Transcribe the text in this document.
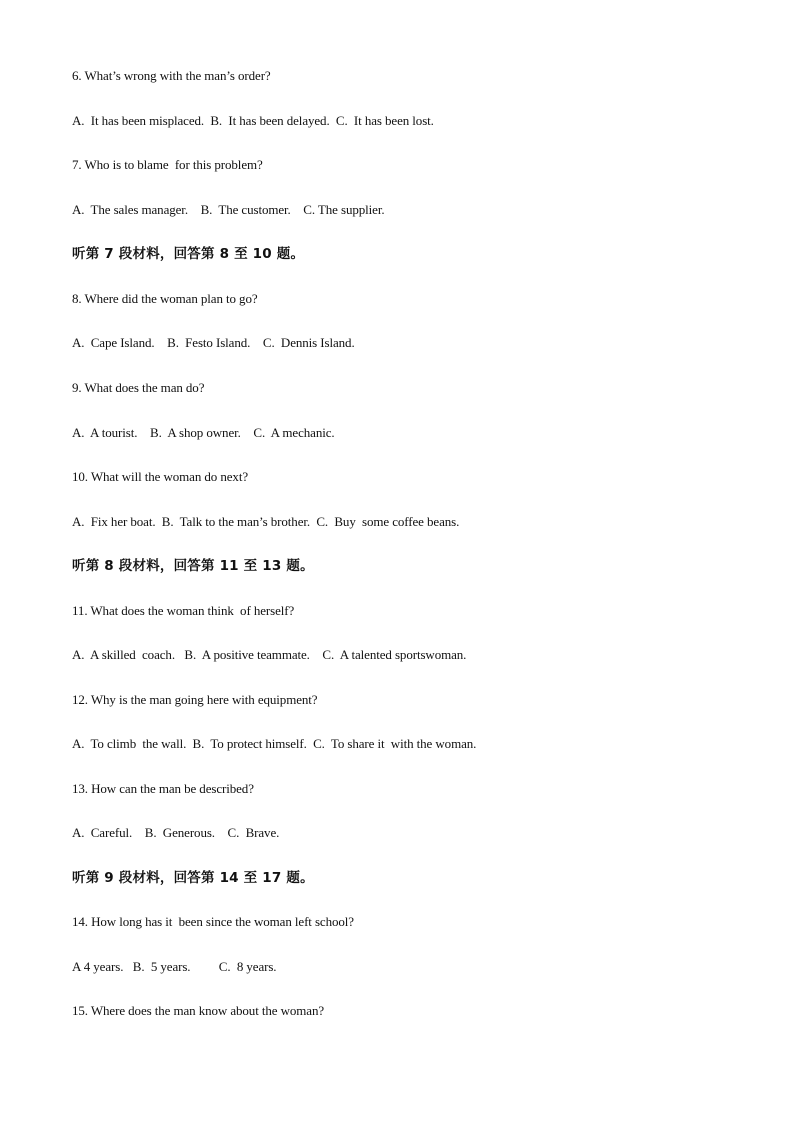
6. What’s wrong with the man’s order?
A.  It has been misplaced.  B.  It has been delayed.  C.  It has been lost.
7. Who is to blame  for this problem?
A.  The sales manager.    B.  The customer.    C. The supplier.
听第 7 段材料，回答第 8 至 10 题。
8. Where did the woman plan to go?
A.  Cape Island.    B.  Festo Island.    C.  Dennis Island.
9. What does the man do?
A.  A tourist.    B.  A shop owner.    C.  A mechanic.
10. What will the woman do next?
A.  Fix her boat.  B.  Talk to the man’s brother.  C.  Buy  some coffee beans.
听第 8 段材料，回答第 11 至 13 题。
11. What does the woman think  of herself?
A.  A skilled  coach.   B.  A positive teammate.    C.  A talented sportswoman.
12. Why is the man going here with equipment?
A.  To climb  the wall.  B.  To protect himself.  C.  To share it  with the woman.
13. How can the man be described?
A.  Careful.    B.  Generous.    C.  Brave.
听第 9 段材料，回答第 14 至 17 题。
14. How long has it  been since the woman left school?
A 4 years.   B.  5 years.         C.  8 years.
15. Where does the man know about the woman?
